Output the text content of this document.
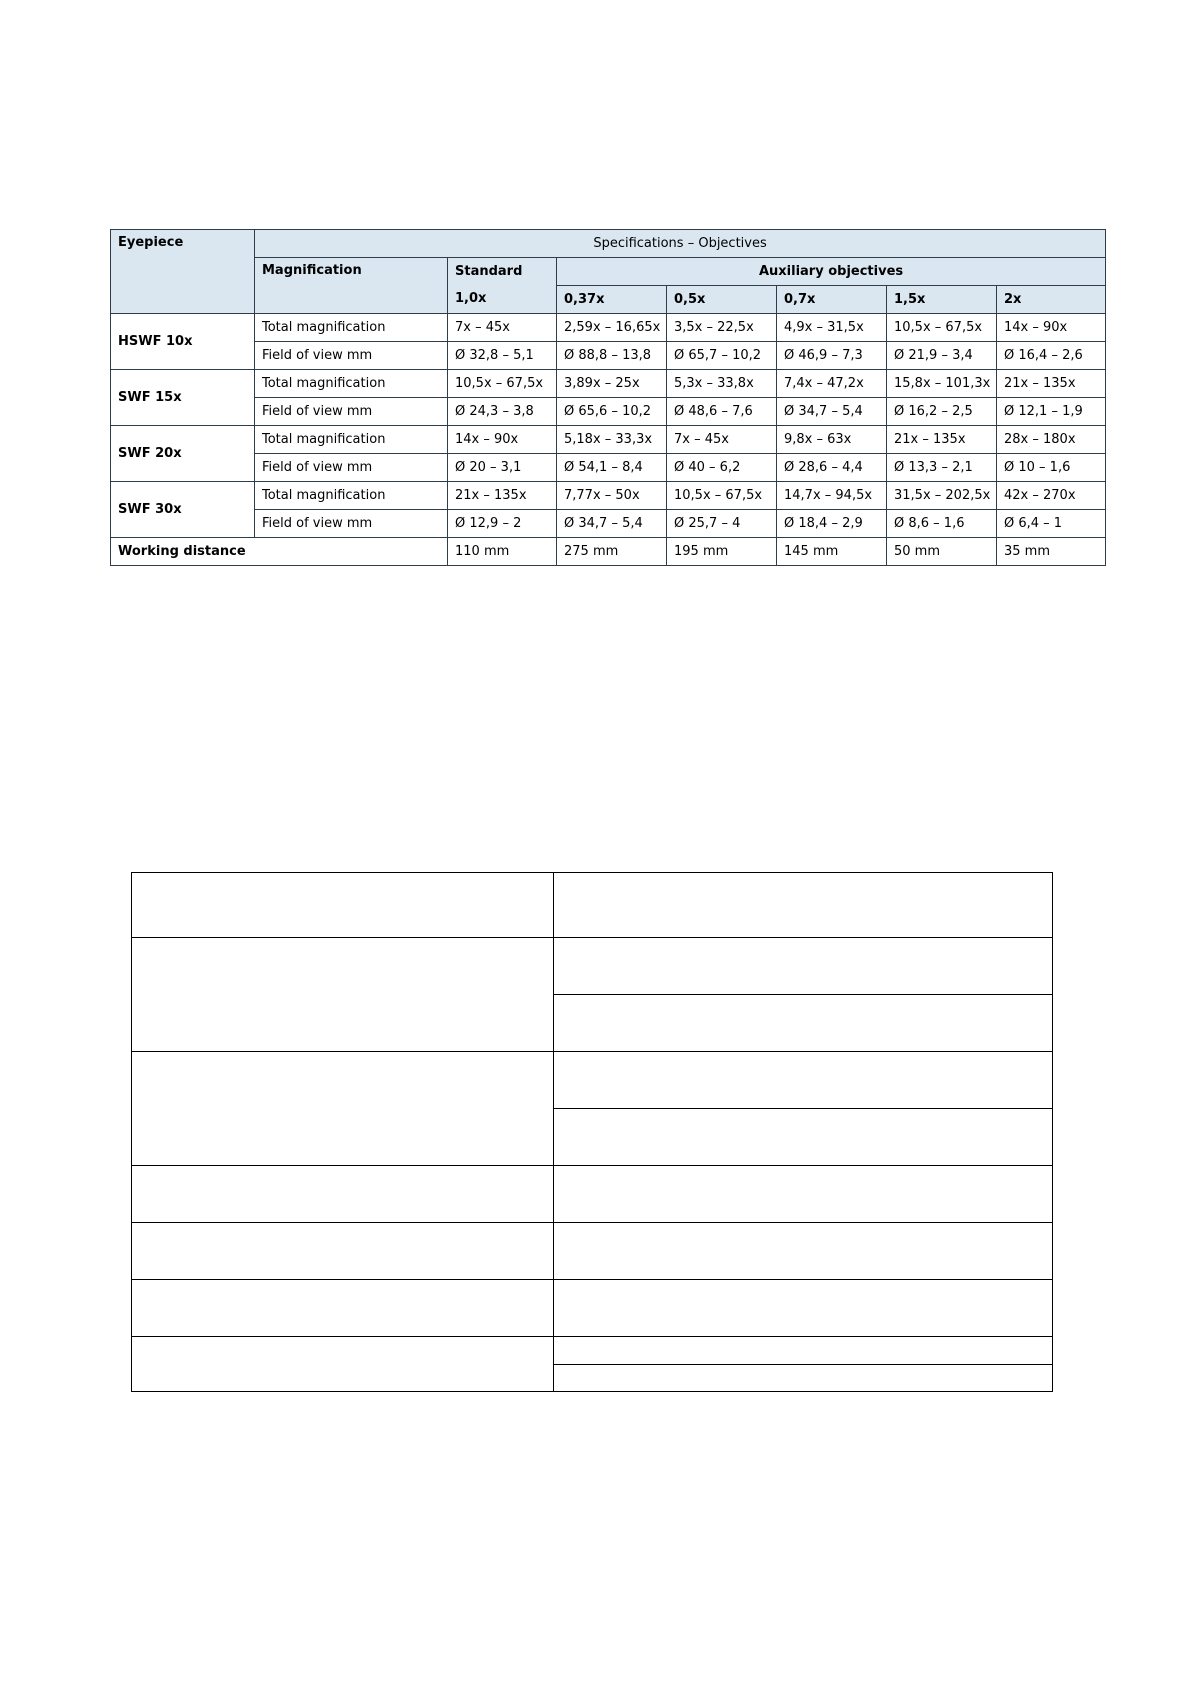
Eyepiece	Specifications – Objectives						
	Magnification	Standard	Auxiliary objectives				
		1,0x	0,37x	0,5x	0,7x	1,5x	2x
HSWF 10x	Total magnification	7x – 45x	2,59x – 16,65x	3,5x – 22,5x	4,9x – 31,5x	10,5x – 67,5x	14x – 90x
	Field of view mm	Ø 32,8 – 5,1	Ø 88,8 – 13,8	Ø 65,7 – 10,2	Ø 46,9 – 7,3	Ø 21,9 – 3,4	Ø 16,4 – 2,6
SWF 15x	Total magnification	10,5x – 67,5x	3,89x – 25x	5,3x – 33,8x	7,4x – 47,2x	15,8x – 101,3x	21x – 135x
	Field of view mm	Ø 24,3 – 3,8	Ø 65,6 – 10,2	Ø 48,6 – 7,6	Ø 34,7 – 5,4	Ø 16,2 – 2,5	Ø 12,1 – 1,9
SWF 20x	Total magnification	14x – 90x	5,18x – 33,3x	7x – 45x	9,8x – 63x	21x – 135x	28x – 180x
	Field of view mm	Ø 20 – 3,1	Ø 54,1 – 8,4	Ø 40 – 6,2	Ø 28,6 – 4,4	Ø 13,3 – 2,1	Ø 10 – 1,6
SWF 30x	Total magnification	21x – 135x	7,77x – 50x	10,5x – 67,5x	14,7x – 94,5x	31,5x – 202,5x	42x – 270x
	Field of view mm	Ø 12,9 – 2	Ø 34,7 – 5,4	Ø 25,7 – 4	Ø 18,4 – 2,9	Ø 8,6 – 1,6	Ø 6,4 – 1
Working distance		110 mm	275 mm	195 mm	145 mm	50 mm	35 mm
